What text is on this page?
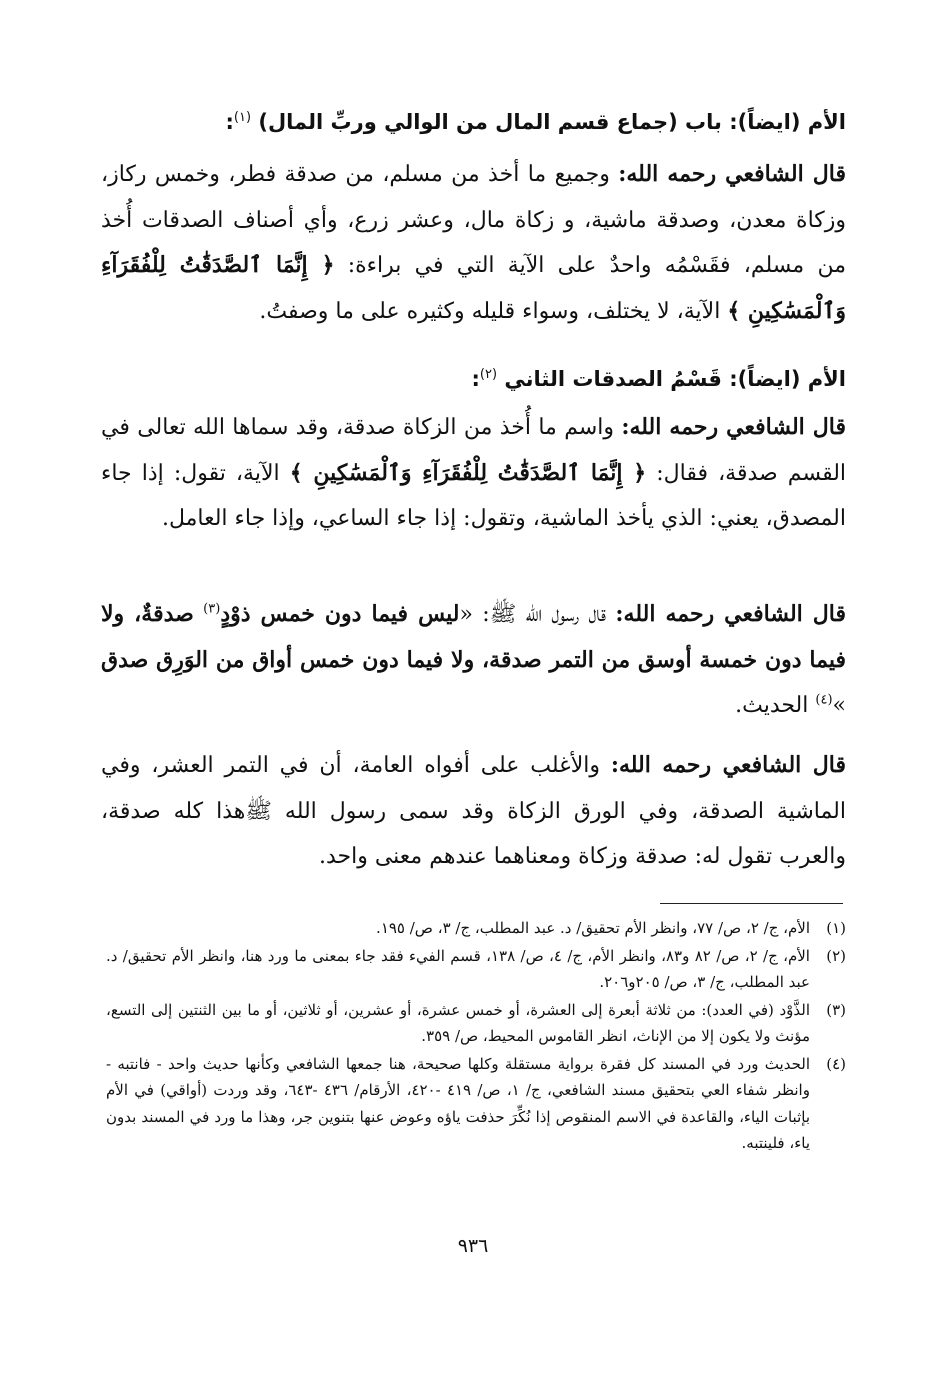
الأم (ايضاً): باب (جماع قسم المال من الوالي وربِّ المال) $^{(١)}$:
قال الشافعي رحمه الله: وجميع ما أخذ من مسلم، من صدقة فطر، وخمس ركاز، وزكاة معدن، وصدقة ماشية، و زكاة مال، وعشر زرع، وأي أصناف الصدقات أُخذ من مسلم، فقَسْمُه واحدٌ على الآية التي في براءة: ﴿ إِنَّمَا ٱلصَّدَقَٰتُ لِلْفُقَرَآءِ وَٱلْمَسَٰكِينِ ﴾ الآية، لا يختلف، وسواء قليله وكثيره على ما وصفتُ.
الأم (ايضاً): قَسْمُ الصدقات الثاني $^{(٢)}$:
قال الشافعي رحمه الله: واسم ما أُخذ من الزكاة صدقة، وقد سماها الله تعالى في القسم صدقة، فقال: ﴿ إِنَّمَا ٱلصَّدَقَٰتُ لِلْفُقَرَآءِ وَٱلْمَسَٰكِينِ ﴾ الآية، تقول: إذا جاء المصدق، يعني: الذي يأخذ الماشية، وتقول: إذا جاء الساعي، وإذا جاء العامل.
قال الشافعي رحمه الله: قال رسول الله ﷺ: «ليس فيما دون خمس ذوْدٍ$^{(٣)}$ صدقةٌ، ولا فيما دون خمسة أوسق من التمر صدقة، ولا فيما دون خمس أواق من الوَرِق صدق »$^{(٤)}$ الحديث.
قال الشافعي رحمه الله: والأغلب على أفواه العامة، أن في التمر العشر، وفي الماشية الصدقة، وفي الورق الزكاة وقد سمى رسول الله ﷺهذا كله صدقة، والعرب تقول له: صدقة وزكاة ومعناهما عندهم معنى واحد.
(١)
الأم، ج/ ٢، ص/ ٧٧، وانظر الأم تحقيق/ د. عبد المطلب، ج/ ٣، ص/ ١٩٥.
(٢)
الأم، ج/ ٢، ص/ ٨٢ و٨٣، وانظر الأم، ج/ ٤، ص/ ١٣٨، قسم الفيء فقد جاء بمعنى ما ورد هنا، وانظر الأم تحقيق/ د. عبد المطلب، ج/ ٣، ص/ ٢٠٥و٢٠٦.
(٣)
الذَّوْد (في العدد): من ثلاثة أبعرة إلى العشرة، أو خمس عشرة، أو عشرين، أو ثلاثين، أو ما بين الثنتين إلى التسع، مؤنث ولا يكون إلا من الإناث، انظر القاموس المحيط، ص/ ٣٥٩.
(٤)
الحديث ورد في المسند كل فقرة برواية مستقلة وكلها صحيحة، هنا جمعها الشافعي وكأنها حديث واحد - فانتبه - وانظر شفاء العي بتحقيق مسند الشافعي، ج/ ١، ص/ ٤١٩ -٤٢٠، الأرقام/ ٤٣٦ -٦٤٣، وقد وردت (أواقي) في الأم بإثبات الياء، والقاعدة في الاسم المنقوص إذا نُكِّرَ حذفت ياؤه وعوض عنها بتنوين جر، وهذا ما ورد في المسند بدون ياء، فلينتبه.
٩٣٦
